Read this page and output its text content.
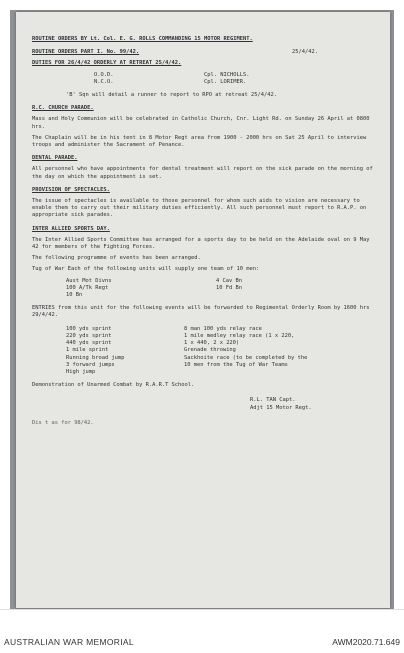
ROUTINE ORDERS BY Lt. Col. E. G. ROLLS COMMANDING 15 MOTOR REGIMENT.
ROUTINE ORDERS PART I. No. 99/42.	25/4/42.
DUTIES FOR 26/4/42 ORDERLY AT RETREAT 25/4/42.
O.O.D.	Cpl. NICHOLLS.
N.C.O.	Cpl. LORIMER.
'B' Sqn will detail a runner to report to RPO at retreat 25/4/42.
R.C. CHURCH PARADE.
Mass and Holy Communion will be celebrated in Catholic Church, Cnr. Light Rd. on Sunday 26 April at 0800 hrs.
The Chaplain will be in his tent in 8 Motor Regt area from 1900 - 2000 hrs on Sat 25 April to interview troops and administer the Sacrament of Penance.
DENTAL PARADE.
All personnel who have appointments for dental treatment will report on the sick parade on the morning of the day on which the appointment is set.
PROVISION OF SPECTACLES.
The issue of spectacles is available to those personnel for whom such aids to vision are necessary to enable them to carry out their military duties efficiently. All such personnel must report to R.A.P. on appropriate sick parades.
INTER ALLIED SPORTS DAY.
The Inter Allied Sports Committee has arranged for a sports day to be held on the Adelaide oval on 9 May 42 for members of the Fighting Forces.
The following programme of events has been arranged.
Tug of War Each of the following units will supply one team of 10 men:
Aust Mot Divns	4 Cav Bn
100 A/Tk Regt	10 Fd Bn
10 Bn
ENTRIES from this unit for the following events will be forwarded to Regimental Orderly Room by 1600 hrs 29/4/42.
100 yds sprint	8 man 100 yds relay race
220 yds sprint	1 mile medley relay race (1 x 220,
440 yds sprint	1 x 440, 2 x 220)
1 mile sprint	Grenade throwing
Running broad jump	Sackhoite race (to be completed by the
3 forward jumps	10 men from the Tug of War Teams
High jump
Demonstration of Unarmed Combat by R.A.R.T School.
R.L. TAN Capt.
Adjt 15 Motor Regt.
Dis t as for 98/42.
AUSTRALIAN WAR MEMORIAL	AWM2020.71.649
